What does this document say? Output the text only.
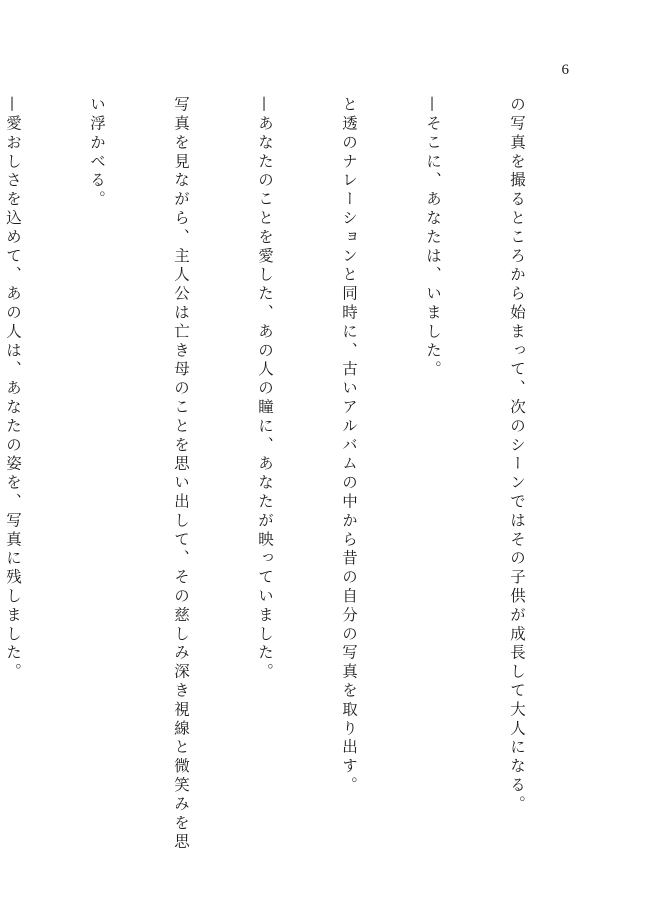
6

の写真を撮るところから始まって、次のシーンではその子供が成長して大人になる。

—そこに、あなたは、いました。

と透のナレーションと同時に、古いアルバムの中から昔の自分の写真を取り出す。

—あなたのことを愛した、あの人の瞳に、あなたが映っていました。

写真を見ながら、主人公は亡き母のことを思い出して、その慈しみ深き視線と微笑みを思

い浮かべる。

—愛おしさを込めて、あの人は、あなたの姿を、写真に残しました。
